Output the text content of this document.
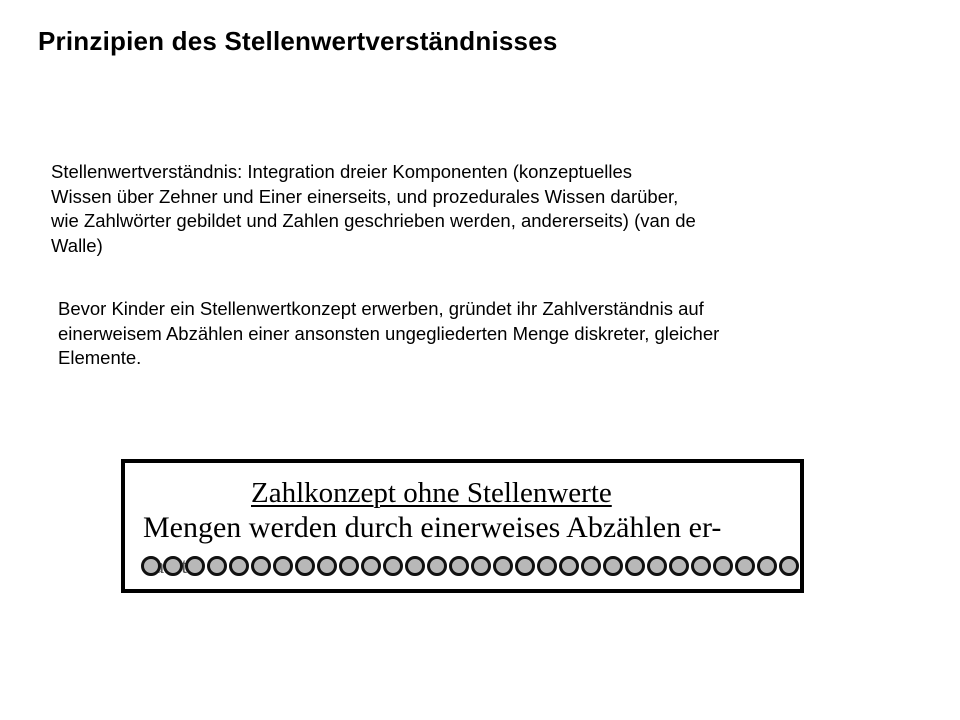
Prinzipien des Stellenwertverständnisses
Stellenwertverständnis: Integration dreier Komponenten (konzeptuelles
Wissen über Zehner und Einer einerseits, und prozedurales Wissen darüber,
wie Zahlwörter gebildet und Zahlen geschrieben werden, andererseits) (van de
Walle)
Bevor Kinder ein Stellenwertkonzept erwerben, gründet ihr Zahlverständnis auf
einerweisem Abzählen einer ansonsten ungegliederten Menge diskreter, gleicher
Elemente.
Zahlkonzept ohne Stellenwerte
Mengen werden durch einerweises Abzählen er-
